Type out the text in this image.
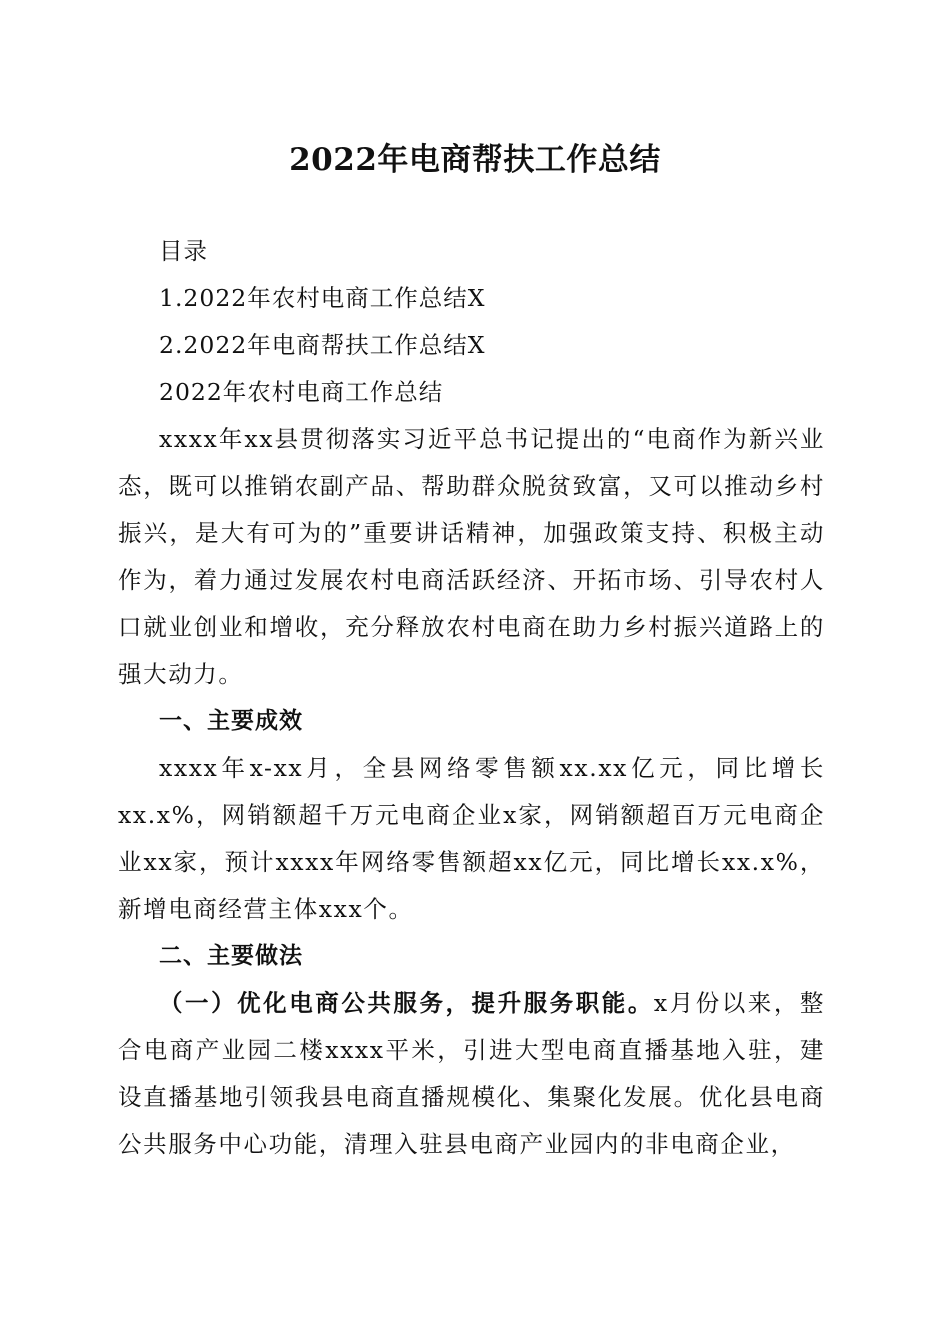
2022年电商帮扶工作总结

目录

1.2022年农村电商工作总结X

2.2022年电商帮扶工作总结X

2022年农村电商工作总结

xxxx年xx县贯彻落实习近平总书记提出的“电商作为新兴业态，既可以推销农副产品、帮助群众脱贫致富，又可以推动乡村振兴，是大有可为的”重要讲话精神，加强政策支持、积极主动作为，着力通过发展农村电商活跃经济、开拓市场、引导农村人口就业创业和增收，充分释放农村电商在助力乡村振兴道路上的强大动力。

一、主要成效

xxxx年x-xx月，全县网络零售额xx.xx亿元，同比增长xx.x%，网销额超千万元电商企业x家，网销额超百万元电商企业xx家，预计xxxx年网络零售额超xx亿元，同比增长xx.x%，新增电商经营主体xxx个。

二、主要做法

（一）优化电商公共服务，提升服务职能。x月份以来，整合电商产业园二楼xxxx平米，引进大型电商直播基地入驻，建设直播基地引领我县电商直播规模化、集聚化发展。优化县电商公共服务中心功能，清理入驻县电商产业园内的非电商企业，
